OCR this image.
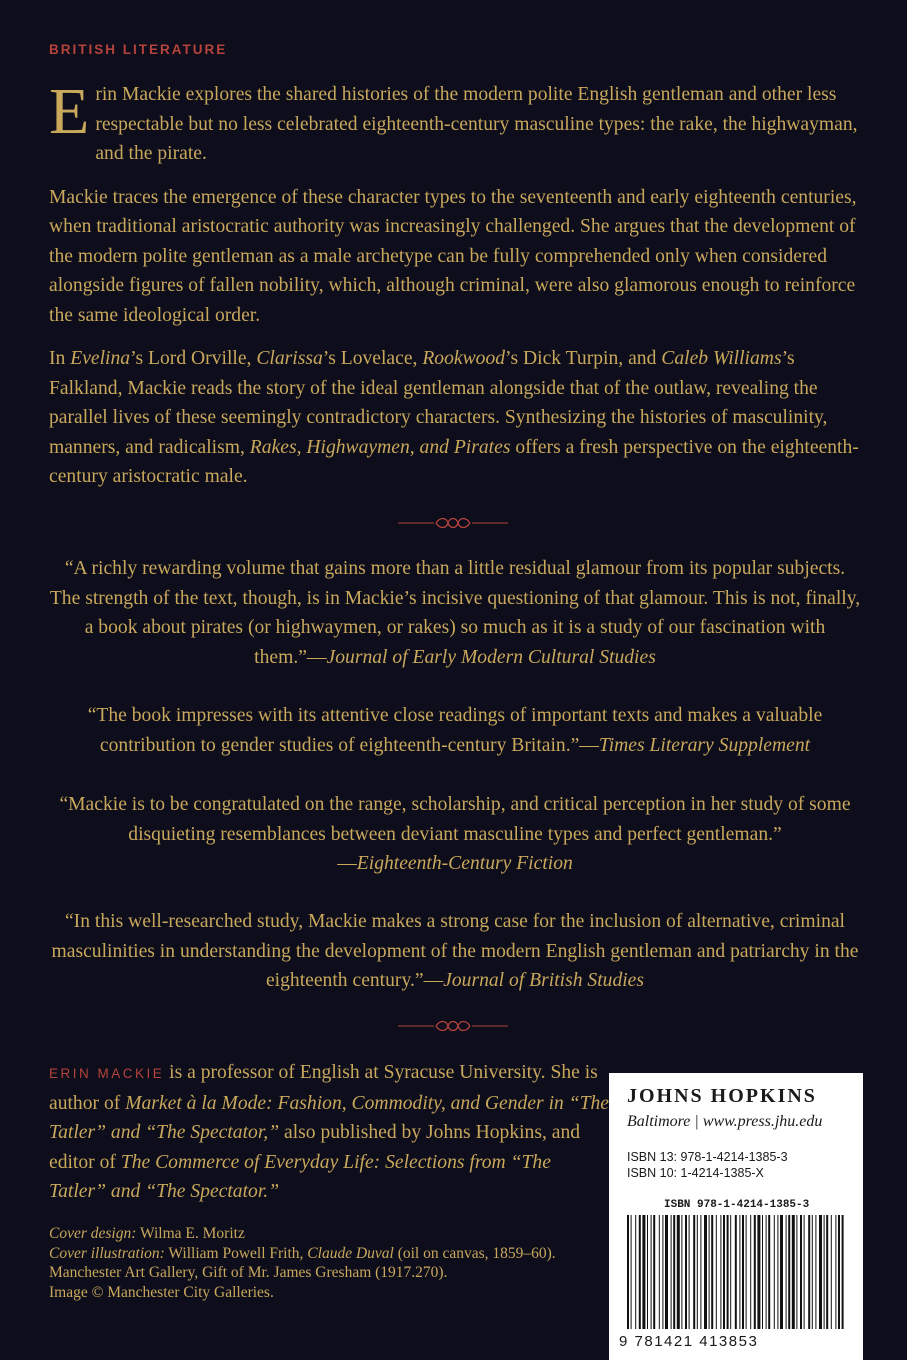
BRITISH LITERATURE

Erin Mackie explores the shared histories of the modern polite English gentleman and other less respectable but no less celebrated eighteenth-century masculine types: the rake, the highwayman, and the pirate.

Mackie traces the emergence of these character types to the seventeenth and early eighteenth centuries, when traditional aristocratic authority was increasingly challenged. She argues that the development of the modern polite gentleman as a male archetype can be fully comprehended only when considered alongside figures of fallen nobility, which, although criminal, were also glamorous enough to reinforce the same ideological order.

In Evelina’s Lord Orville, Clarissa’s Lovelace, Rookwood’s Dick Turpin, and Caleb Williams’s Falkland, Mackie reads the story of the ideal gentleman alongside that of the outlaw, revealing the parallel lives of these seemingly contradictory characters. Synthesizing the histories of masculinity, manners, and radicalism, Rakes, Highwaymen, and Pirates offers a fresh perspective on the eighteenth-century aristocratic male.

“A richly rewarding volume that gains more than a little residual glamour from its popular subjects. The strength of the text, though, is in Mackie’s incisive questioning of that glamour. This is not, finally, a book about pirates (or highwaymen, or rakes) so much as it is a study of our fascination with them.”—Journal of Early Modern Cultural Studies

“The book impresses with its attentive close readings of important texts and makes a valuable contribution to gender studies of eighteenth-century Britain.”—Times Literary Supplement

“Mackie is to be congratulated on the range, scholarship, and critical perception in her study of some disquieting resemblances between deviant masculine types and perfect gentleman.”
—Eighteenth-Century Fiction

“In this well-researched study, Mackie makes a strong case for the inclusion of alternative, criminal masculinities in understanding the development of the modern English gentleman and patriarchy in the eighteenth century.”—Journal of British Studies

ERIN MACKIE is a professor of English at Syracuse University. She is author of Market à la Mode: Fashion, Commodity, and Gender in “The Tatler” and “The Spectator,” also published by Johns Hopkins, and editor of The Commerce of Everyday Life: Selections from “The Tatler” and “The Spectator.”
Cover design: Wilma E. Moritz
Cover illustration: William Powell Frith, Claude Duval (oil on canvas, 1859–60).
Manchester Art Gallery, Gift of Mr. James Gresham (1917.270).
Image © Manchester City Galleries.
JOHNS HOPKINS
Baltimore | www.press.jhu.edu
ISBN 13: 978-1-4214-1385-3
ISBN 10: 1-4214-1385-X
ISBN 978-1-4214-1385-3
9 781421 413853
